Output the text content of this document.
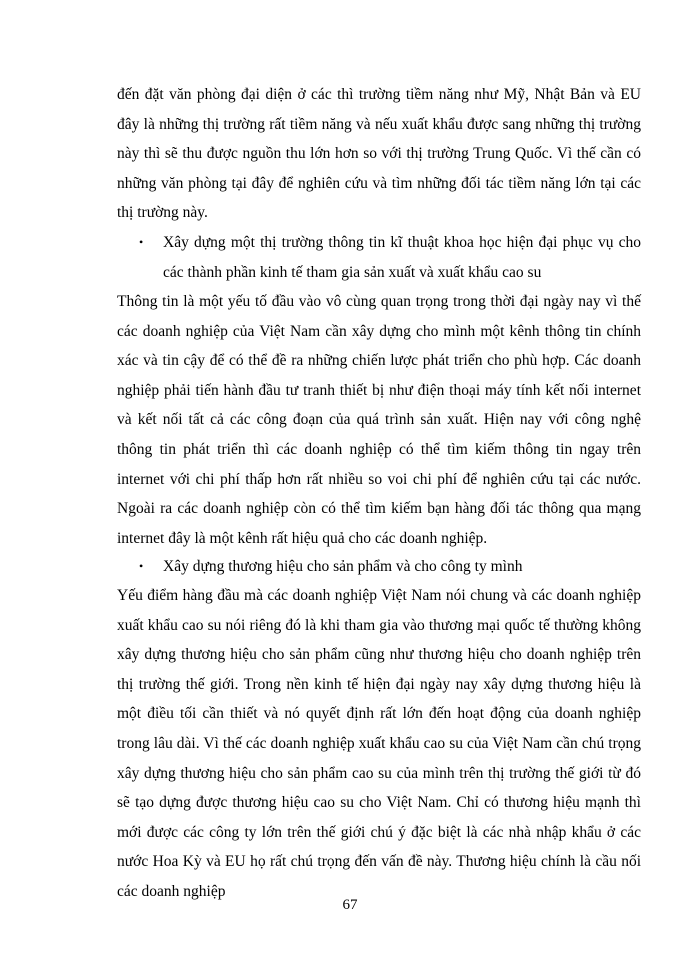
đến đặt văn phòng đại diện ở các thì trường tiềm năng như Mỹ, Nhật Bản và EU đây là những thị trường rất tiềm năng và nếu xuất khẩu được sang những thị trường này thì sẽ thu được nguồn thu lớn hơn so với thị trường Trung Quốc. Vì thế cần có những văn phòng tại đây để nghiên cứu và tìm những đối tác tiềm năng lớn tại các thị trường này.

•	Xây dựng một thị trường thông tin kĩ thuật khoa học hiện đại phục vụ cho các thành phần kinh tế tham gia sản xuất và xuất khẩu cao su

Thông tin là một yếu tố đầu vào vô cùng quan trọng trong thời đại ngày nay vì thế các doanh nghiệp của Việt Nam cần xây dựng cho mình một kênh thông tin chính xác và tin cậy để có thể đề ra những chiến lược phát triển cho phù hợp. Các doanh nghiệp phải tiến hành đầu tư tranh thiết bị như điện thoại máy tính kết nối internet và kết nối tất cả các công đoạn của quá trình sản xuất. Hiện nay với công nghệ thông tin phát triển thì các doanh nghiệp có thể tìm kiếm thông tin ngay trên internet với chi phí thấp hơn rất nhiều so voi chi phí để nghiên cứu tại các nước. Ngoài ra các doanh nghiệp còn có thể tìm kiếm bạn hàng đối tác thông qua mạng internet đây là một kênh rất hiệu quả cho các doanh nghiệp.

•	Xây dựng thương hiệu cho sản phẩm và cho công ty mình

Yếu điểm hàng đầu mà các doanh nghiệp Việt Nam nói chung và các doanh nghiệp xuất khẩu cao su nói riêng đó là khi tham gia vào thương mại quốc tế thường không xây dựng thương hiệu cho sản phẩm cũng như thương hiệu cho doanh nghiệp trên thị trường thế giới. Trong nền kinh tế hiện đại ngày nay xây dựng thương hiệu là một điều tối cần thiết và nó quyết định rất lớn đến hoạt động của doanh nghiệp trong lâu dài. Vì thế các doanh nghiệp xuất khẩu cao su của Việt Nam cần chú trọng xây dựng thương hiệu cho sản phẩm cao su của mình trên thị trường thế giới từ đó sẽ tạo dựng được thương hiệu cao su cho Việt Nam. Chỉ có thương hiệu mạnh thì mới được các công ty lớn trên thế giới chú ý đặc biệt là các nhà nhập khẩu ở các nước Hoa Kỳ và EU họ rất chú trọng đến vấn đề này. Thương hiệu chính là cầu nối các doanh nghiệp

67
